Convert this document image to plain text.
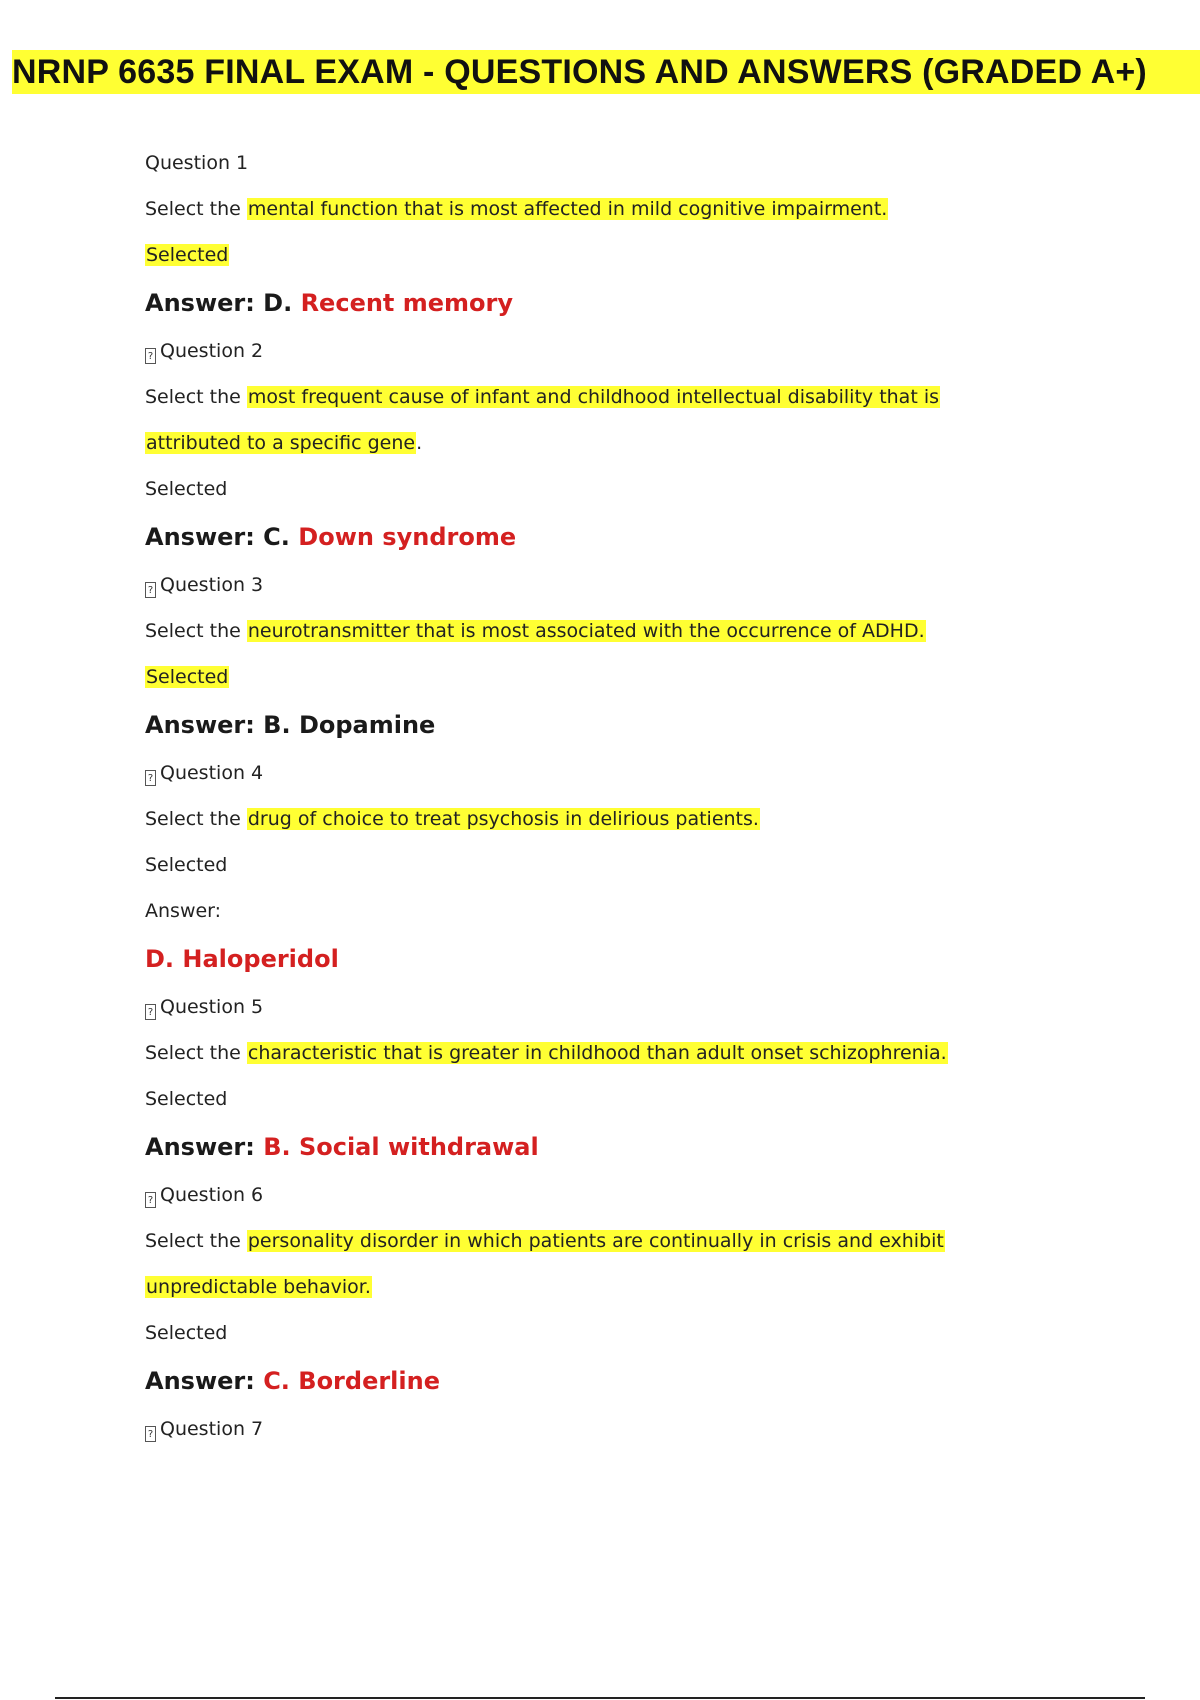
NRNP 6635 FINAL EXAM - QUESTIONS AND ANSWERS (GRADED A+)
Question 1
Select the mental function that is most affected in mild cognitive impairment.
Selected
Answer: D. Recent memory
? Question 2
Select the most frequent cause of infant and childhood intellectual disability that is
attributed to a specific gene.
Selected
Answer: C. Down syndrome
? Question 3
Select the neurotransmitter that is most associated with the occurrence of ADHD.
Selected
Answer: B. Dopamine
? Question 4
Select the drug of choice to treat psychosis in delirious patients.
Selected
Answer:
D. Haloperidol
? Question 5
Select the characteristic that is greater in childhood than adult onset schizophrenia.
Selected
Answer: B. Social withdrawal
? Question 6
Select the personality disorder in which patients are continually in crisis and exhibit
unpredictable behavior.
Selected
Answer: C. Borderline
? Question 7
